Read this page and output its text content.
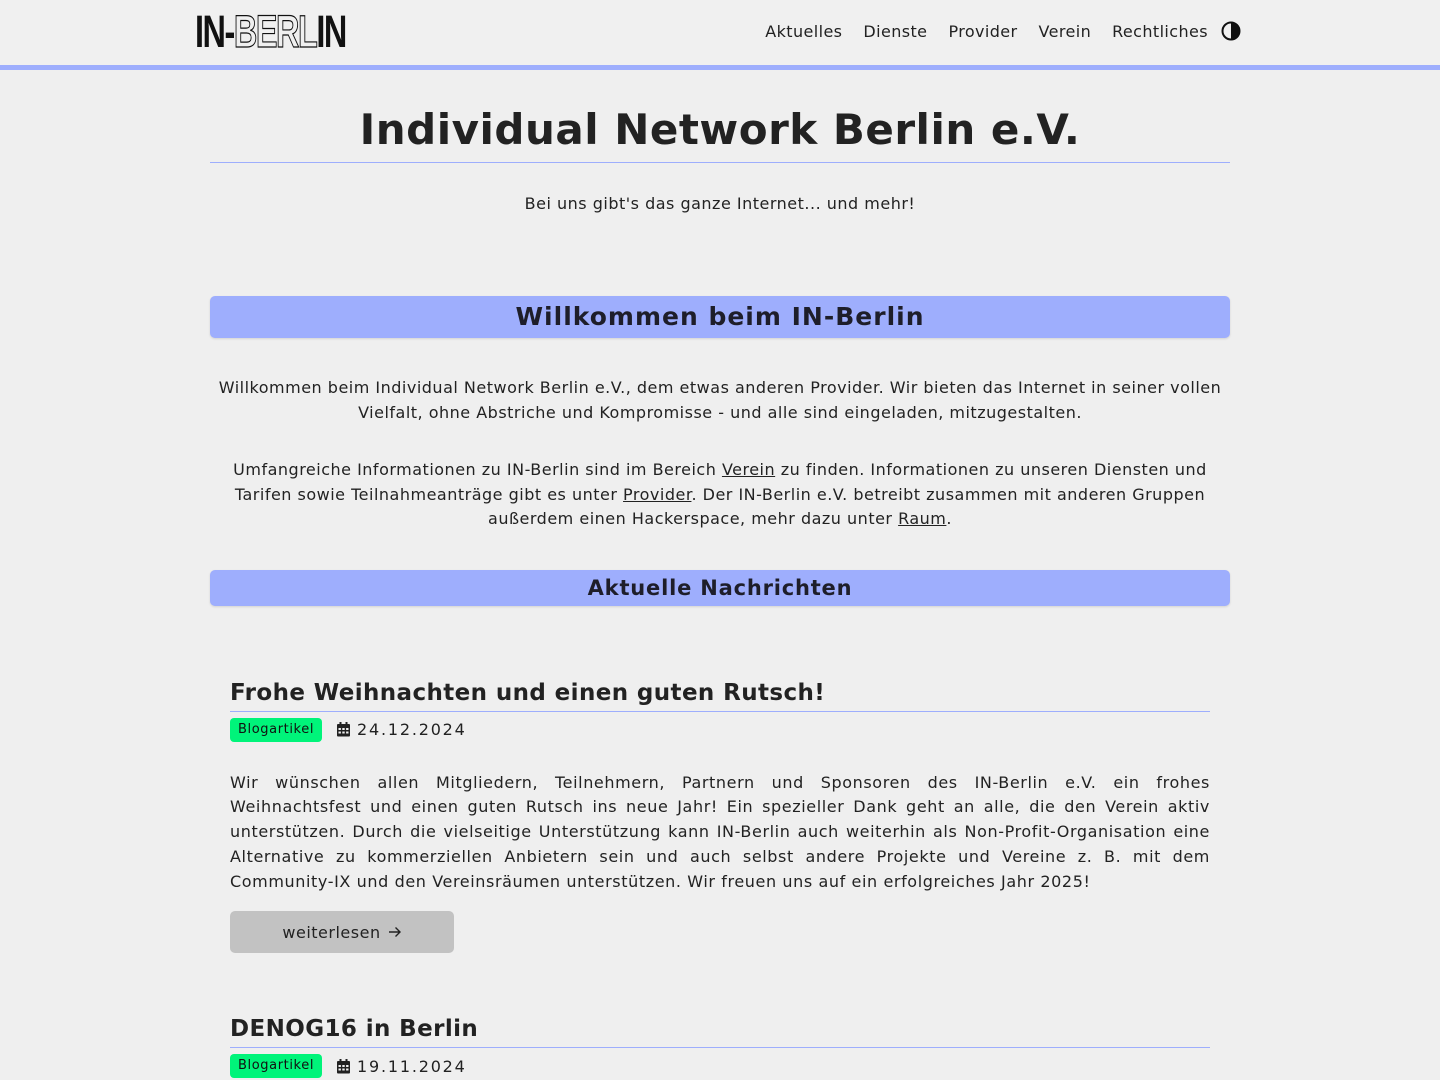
IN- BERL IN	Aktuelles Dienste Provider Verein Rechtliches
Individual Network Berlin e.V.

Bei uns gibt's das ganze Internet... und mehr!

Willkommen beim IN-Berlin

Willkommen beim Individual Network Berlin e.V., dem etwas anderen Provider. Wir bieten das Internet in seiner vollen Vielfalt, ohne Abstriche und Kompromisse - und alle sind eingeladen, mitzugestalten.

Umfangreiche Informationen zu IN-Berlin sind im Bereich Verein zu finden. Informationen zu unseren Diensten und Tarifen sowie Teilnahmeanträge gibt es unter Provider. Der IN-Berlin e.V. betreibt zusammen mit anderen Gruppen außerdem einen Hackerspace, mehr dazu unter Raum.

Aktuelle Nachrichten
Frohe Weihnachten und einen guten Rutsch!
Blogartikel	24.12.2024

Wir wünschen allen Mitgliedern, Teilnehmern, Partnern und Sponsoren des IN-Berlin e.V. ein frohes Weihnachtsfest und einen guten Rutsch ins neue Jahr! Ein spezieller Dank geht an alle, die den Verein aktiv unterstützen. Durch die vielseitige Unterstützung kann IN-Berlin auch weiterhin als Non-Profit-Organisation eine Alternative zu kommerziellen Anbietern sein und auch selbst andere Projekte und Vereine z. B. mit dem Community-IX und den Vereinsräumen unterstützen. Wir freuen uns auf ein erfolgreiches Jahr 2025!

weiterlesen
DENOG16 in Berlin
Blogartikel	19.11.2024
